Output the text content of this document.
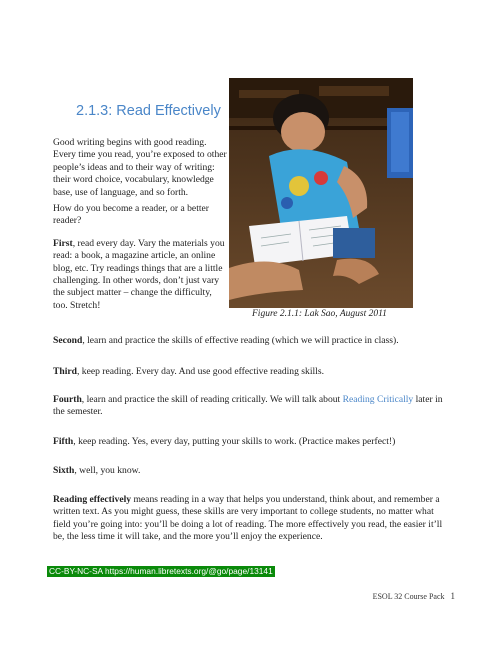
2.1.3: Read Effectively

Good writing begins with good reading. Every time you read, you’re exposed to other people’s ideas and to their way of writing: their word choice, vocabulary, knowledge base, use of language, and so forth.

How do you become a reader, or a better reader?

First, read every day. Vary the materials you read: a book, a magazine article, an online blog, etc. Try readings things that are a little challenging. In other words, don’t just vary the subject matter – change the difficulty, too. Stretch!

Figure 2.1.1: Lak Sao, August 2011

Second, learn and practice the skills of effective reading (which we will practice in class).

Third, keep reading. Every day. And use good effective reading skills.

Fourth, learn and practice the skill of reading critically. We will talk about Reading Critically later in the semester.

Fifth, keep reading. Yes, every day, putting your skills to work. (Practice makes perfect!)

Sixth, well, you know.

Reading effectively means reading in a way that helps you understand, think about, and remember a written text. As you might guess, these skills are very important to college students, no matter what field you’re going into: you’ll be doing a lot of reading. The more effectively you read, the easier it’ll be, the less time it will take, and the more you’ll enjoy the experience.

CC-BY-NC-SA https://human.libretexts.org/@go/page/13141
ESOL 32 Course Pack 1
